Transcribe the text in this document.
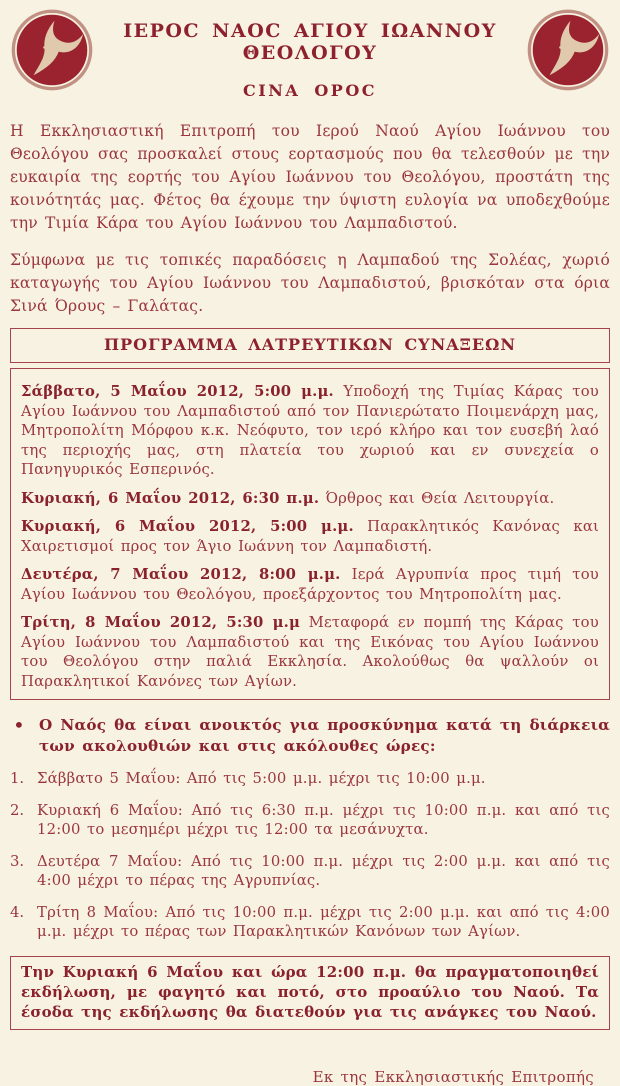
ΙΕΡΟC ΝΑΟC ΑΓΙΟΥ ΙΩΑΝΝΟΥ ΘΕΟΛΟΓΟΥ
CINA OPOC

Η Εκκλησιαστική Επιτροπή του Ιερού Ναού Αγίου Ιωάννου του Θεολόγου σας προσκαλεί στους εορτασμούς που θα τελεσθούν με την ευκαιρία της εορτής του Αγίου Ιωάννου του Θεολόγου, προστάτη της κοινότητάς μας. Φέτος θα έχουμε την ύψιστη ευλογία να υποδεχθούμε την Τιμία Κάρα του Αγίου Ιωάννου του Λαμπαδιστού.

Σύμφωνα με τις τοπικές παραδόσεις η Λαμπαδού της Σολέας, χωριό καταγωγής του Αγίου Ιωάννου του Λαμπαδιστού, βρισκόταν στα όρια Σινά Όρους – Γαλάτας.

ΠΡΟΓΡΑΜΜΑ ΛΑΤΡΕΥΤΙΚΩΝ CΥΝΑΞΕΩΝ

Σάββατο, 5 Μαΐου 2012, 5:00 μ.μ. Υποδοχή της Τιμίας Κάρας του Αγίου Ιωάννου του Λαμπαδιστού από τον Πανιερώτατο Ποιμενάρχη μας, Μητροπολίτη Μόρφου κ.κ. Νεόφυτο, τον ιερό κλήρο και τον ευσεβή λαό της περιοχής μας, στη πλατεία του χωριού και εν συνεχεία ο Πανηγυρικός Εσπερινός.

Κυριακή, 6 Μαΐου 2012, 6:30 π.μ. Όρθρος και Θεία Λειτουργία.

Κυριακή, 6 Μαΐου 2012, 5:00 μ.μ. Παρακλητικός Κανόνας και Χαιρετισμοί προς τον Άγιο Ιωάννη τον Λαμπαδιστή.

Δευτέρα, 7 Μαΐου 2012, 8:00 μ.μ. Ιερά Αγρυπνία προς τιμή του Αγίου Ιωάννου του Θεολόγου, προεξάρχοντος του Μητροπολίτη μας.

Τρίτη, 8 Μαΐου 2012, 5:30 μ.μ Μεταφορά εν πομπή της Κάρας του Αγίου Ιωάννου του Λαμπαδιστού και της Εικόνας του Αγίου Ιωάννου του Θεολόγου στην παλιά Εκκλησία. Ακολούθως θα ψαλλούν οι Παρακλητικοί Κανόνες των Αγίων.

•
Ο Ναός θα είναι ανοικτός για προσκύνημα κατά τη διάρκεια των ακολουθιών και στις ακόλουθες ώρες:
1. Σάββατο 5 Μαΐου: Από τις 5:00 μ.μ. μέχρι τις 10:00 μ.μ.
2. Κυριακή 6 Μαΐου: Από τις 6:30 π.μ. μέχρι τις 10:00 π.μ. και από τις 12:00 το μεσημέρι μέχρι τις 12:00 τα μεσάνυχτα.
3. Δευτέρα 7 Μαΐου: Από τις 10:00 π.μ. μέχρι τις 2:00 μ.μ. και από τις 4:00 μέχρι το πέρας της Αγρυπνίας.
4. Τρίτη 8 Μαΐου: Από τις 10:00 π.μ. μέχρι τις 2:00 μ.μ. και από τις 4:00 μ.μ. μέχρι το πέρας των Παρακλητικών Κανόνων των Αγίων.
Την Κυριακή 6 Μαΐου και ώρα 12:00 π.μ. θα πραγματοποιηθεί εκδήλωση, με φαγητό και ποτό, στο προαύλιο του Ναού. Τα έσοδα της εκδήλωσης θα διατεθούν για τις ανάγκες του Ναού.
Εκ της Εκκλησιαστικής Επιτροπής
